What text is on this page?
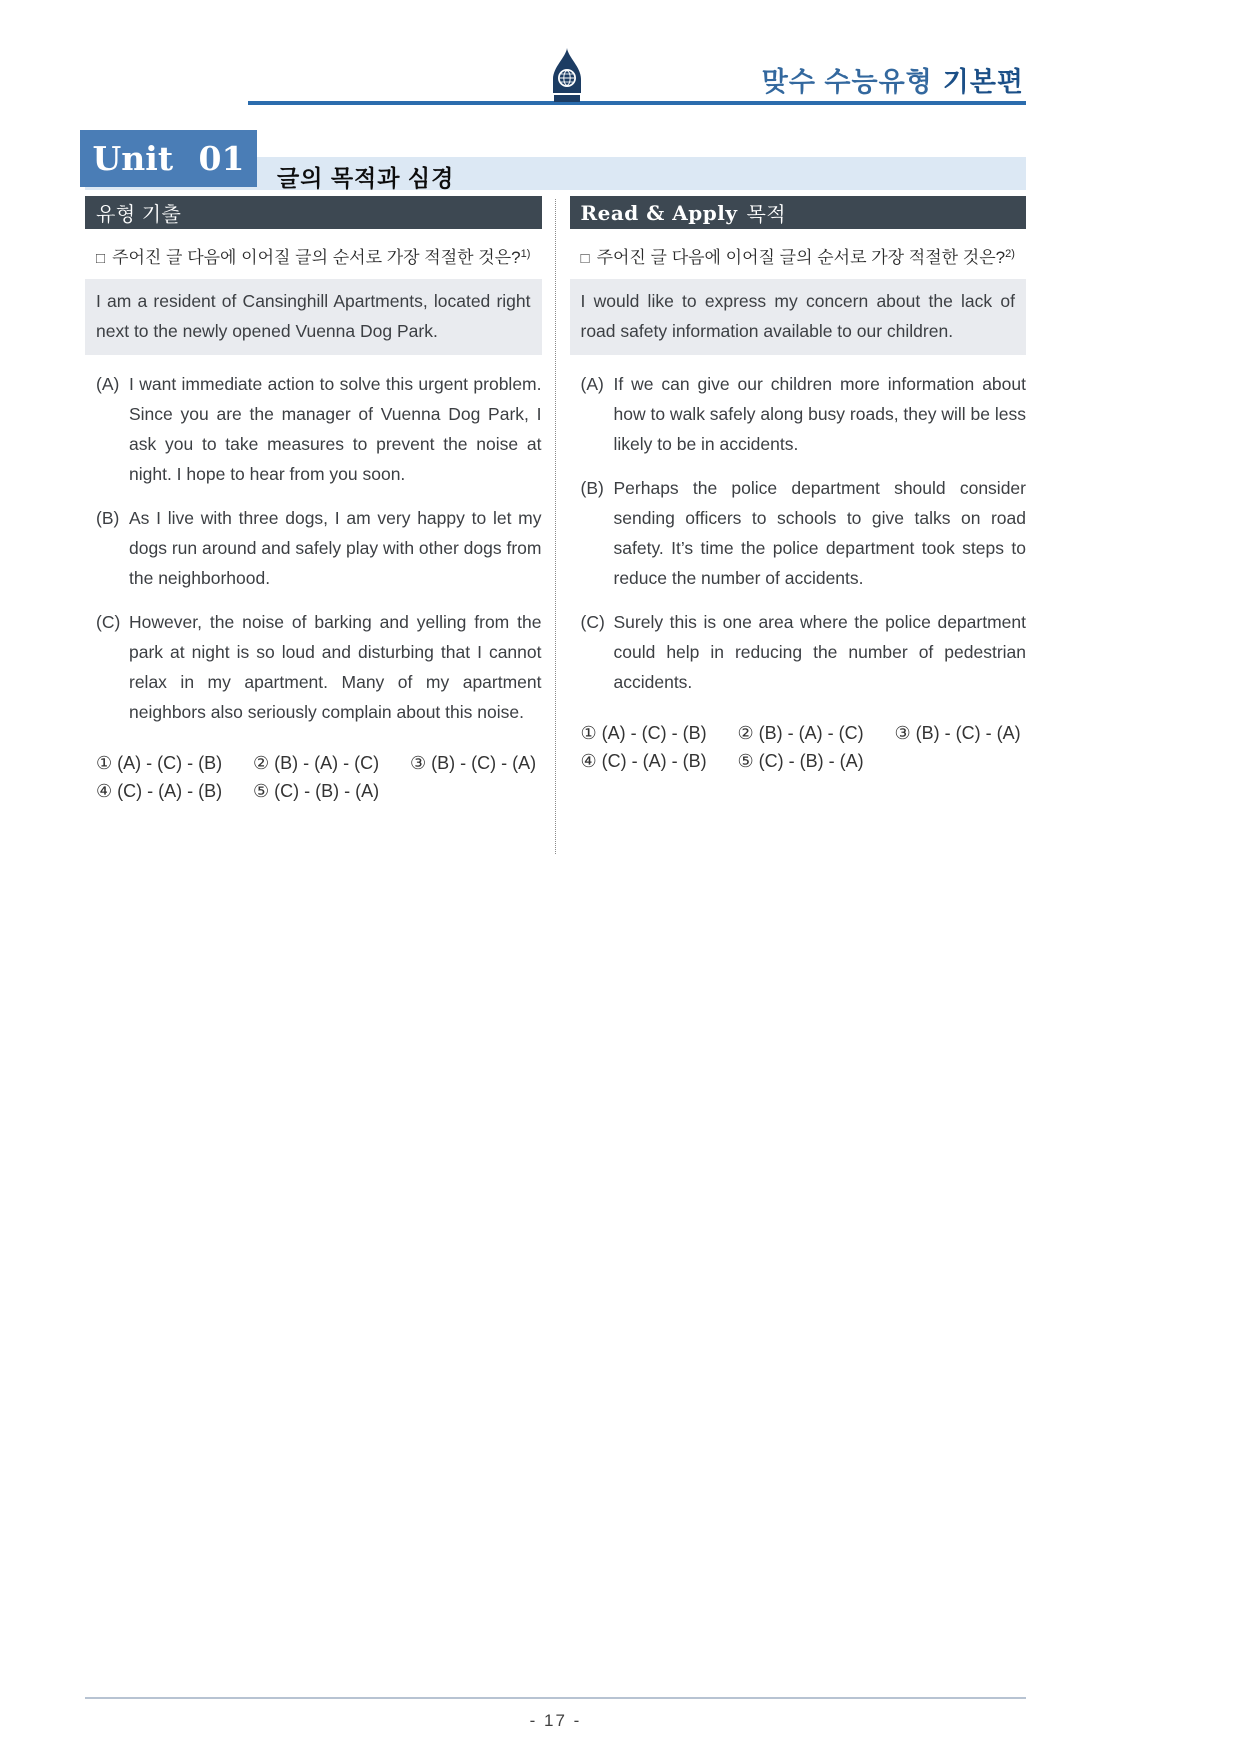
맞수 수능유형 기본편
Unit 01	글의 목적과 심경
유형 기출
□ 주어진 글 다음에 이어질 글의 순서로 가장 적절한 것은?$^{1)}$
I am a resident of Cansinghill Apartments, located right next to the newly opened Vuenna Dog Park.
(A) I want immediate action to solve this urgent problem. Since you are the manager of Vuenna Dog Park, I ask you to take measures to prevent the noise at night. I hope to hear from you soon.
(B) As I live with three dogs, I am very happy to let my dogs run around and safely play with other dogs from the neighborhood.
(C) However, the noise of barking and yelling from the park at night is so loud and disturbing that I cannot relax in my apartment. Many of my apartment neighbors also seriously complain about this noise.
① (A) - (C) - (B)	② (B) - (A) - (C)	③ (B) - (C) - (A)
④ (C) - (A) - (B)	⑤ (C) - (B) - (A)
Read & Apply 목적
□ 주어진 글 다음에 이어질 글의 순서로 가장 적절한 것은?$^{2)}$
I would like to express my concern about the lack of road safety information available to our children.
(A) If we can give our children more information about how to walk safely along busy roads, they will be less likely to be in accidents.
(B) Perhaps the police department should consider sending officers to schools to give talks on road safety. It’s time the police department took steps to reduce the number of accidents.
(C) Surely this is one area where the police department could help in reducing the number of pedestrian accidents.
① (A) - (C) - (B)	② (B) - (A) - (C)	③ (B) - (C) - (A)
④ (C) - (A) - (B)	⑤ (C) - (B) - (A)
- 17 -
